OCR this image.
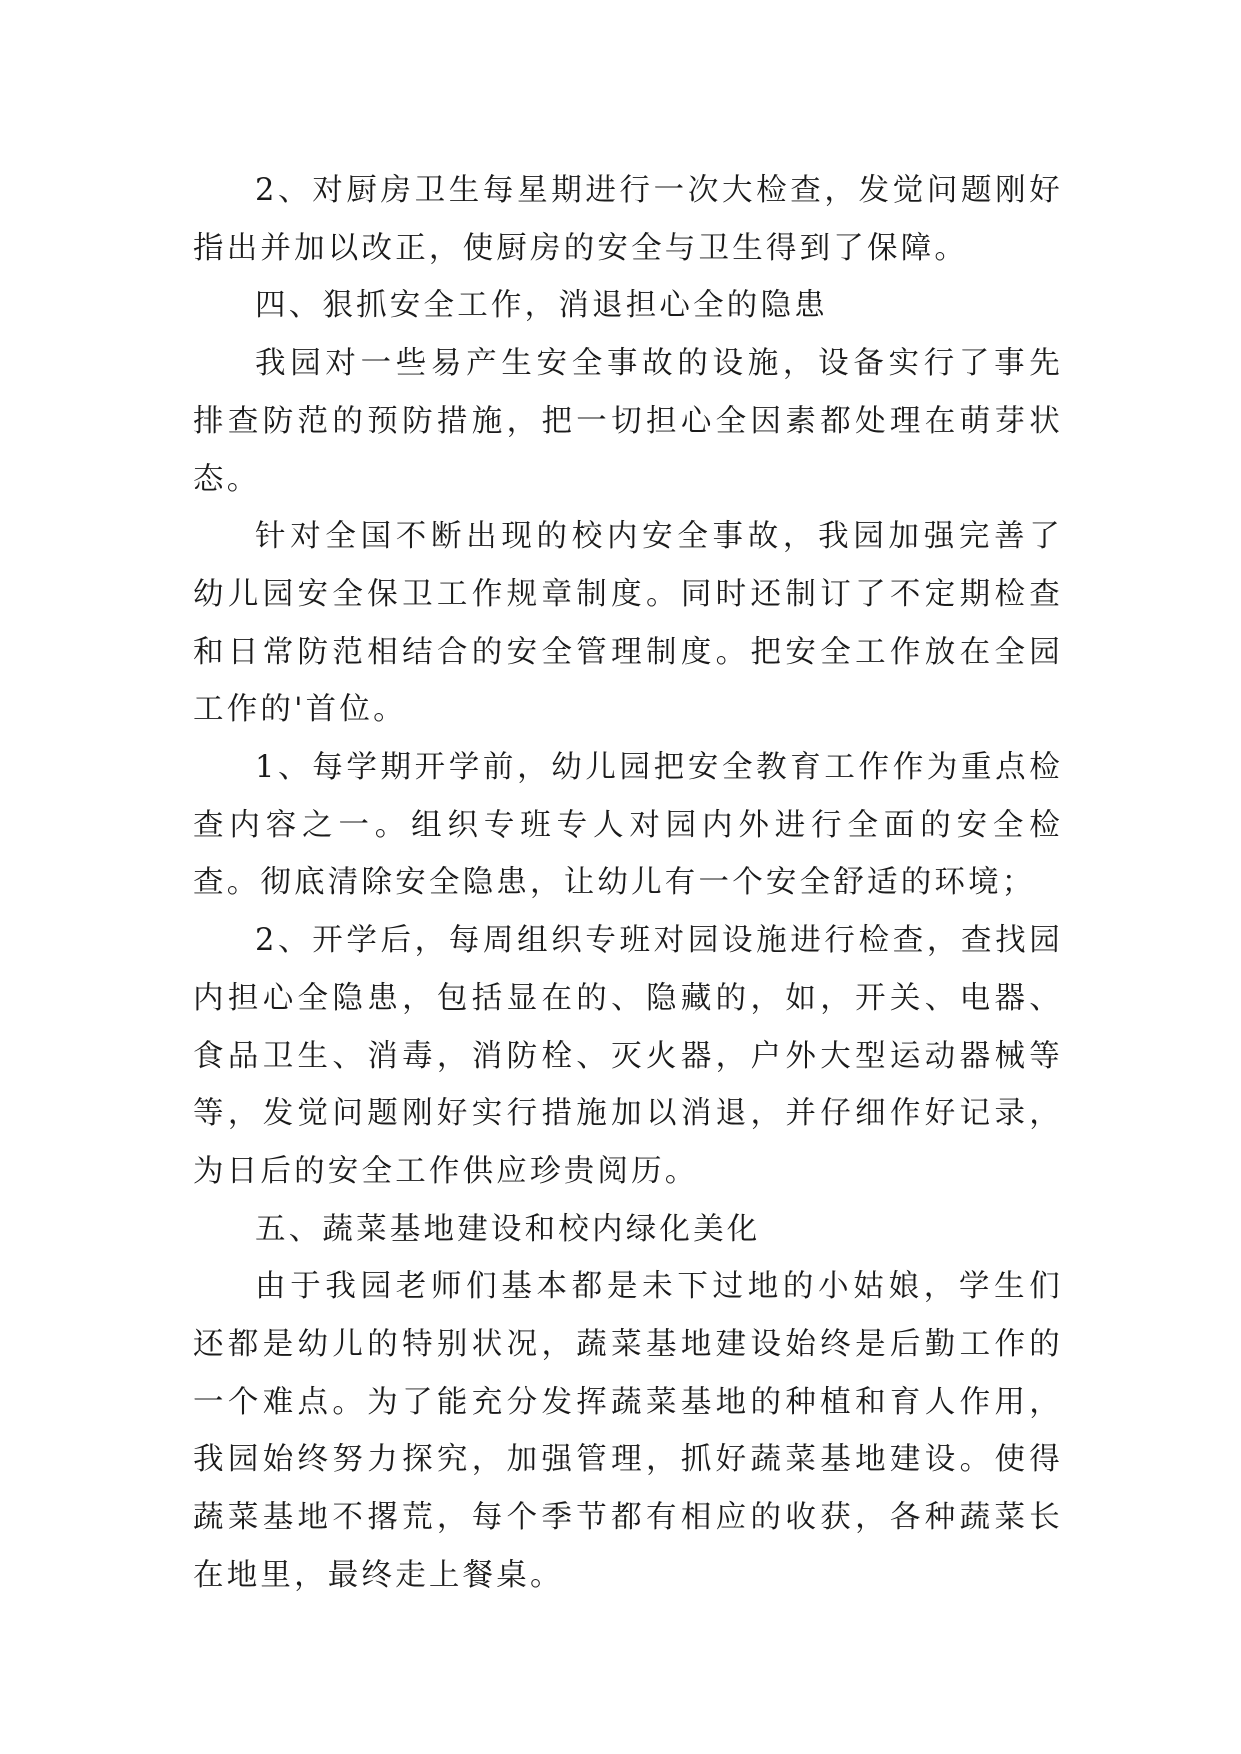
2、对厨房卫生每星期进行一次大检查，发觉问题刚好指出并加以改正，使厨房的安全与卫生得到了保障。

四、狠抓安全工作，消退担心全的隐患

我园对一些易产生安全事故的设施，设备实行了事先排查防范的预防措施，把一切担心全因素都处理在萌芽状态。

针对全国不断出现的校内安全事故，我园加强完善了幼儿园安全保卫工作规章制度。同时还制订了不定期检查和日常防范相结合的安全管理制度。把安全工作放在全园工作的'首位。

1、每学期开学前，幼儿园把安全教育工作作为重点检查内容之一。组织专班专人对园内外进行全面的安全检查。彻底清除安全隐患，让幼儿有一个安全舒适的环境；

2、开学后，每周组织专班对园设施进行检查，查找园内担心全隐患，包括显在的、隐藏的，如，开关、电器、食品卫生、消毒，消防栓、灭火器，户外大型运动器械等等，发觉问题刚好实行措施加以消退，并仔细作好记录，为日后的安全工作供应珍贵阅历。

五、蔬菜基地建设和校内绿化美化

由于我园老师们基本都是未下过地的小姑娘，学生们还都是幼儿的特别状况，蔬菜基地建设始终是后勤工作的一个难点。为了能充分发挥蔬菜基地的种植和育人作用，我园始终努力探究，加强管理，抓好蔬菜基地建设。使得蔬菜基地不撂荒，每个季节都有相应的收获，各种蔬菜长在地里，最终走上餐桌。
